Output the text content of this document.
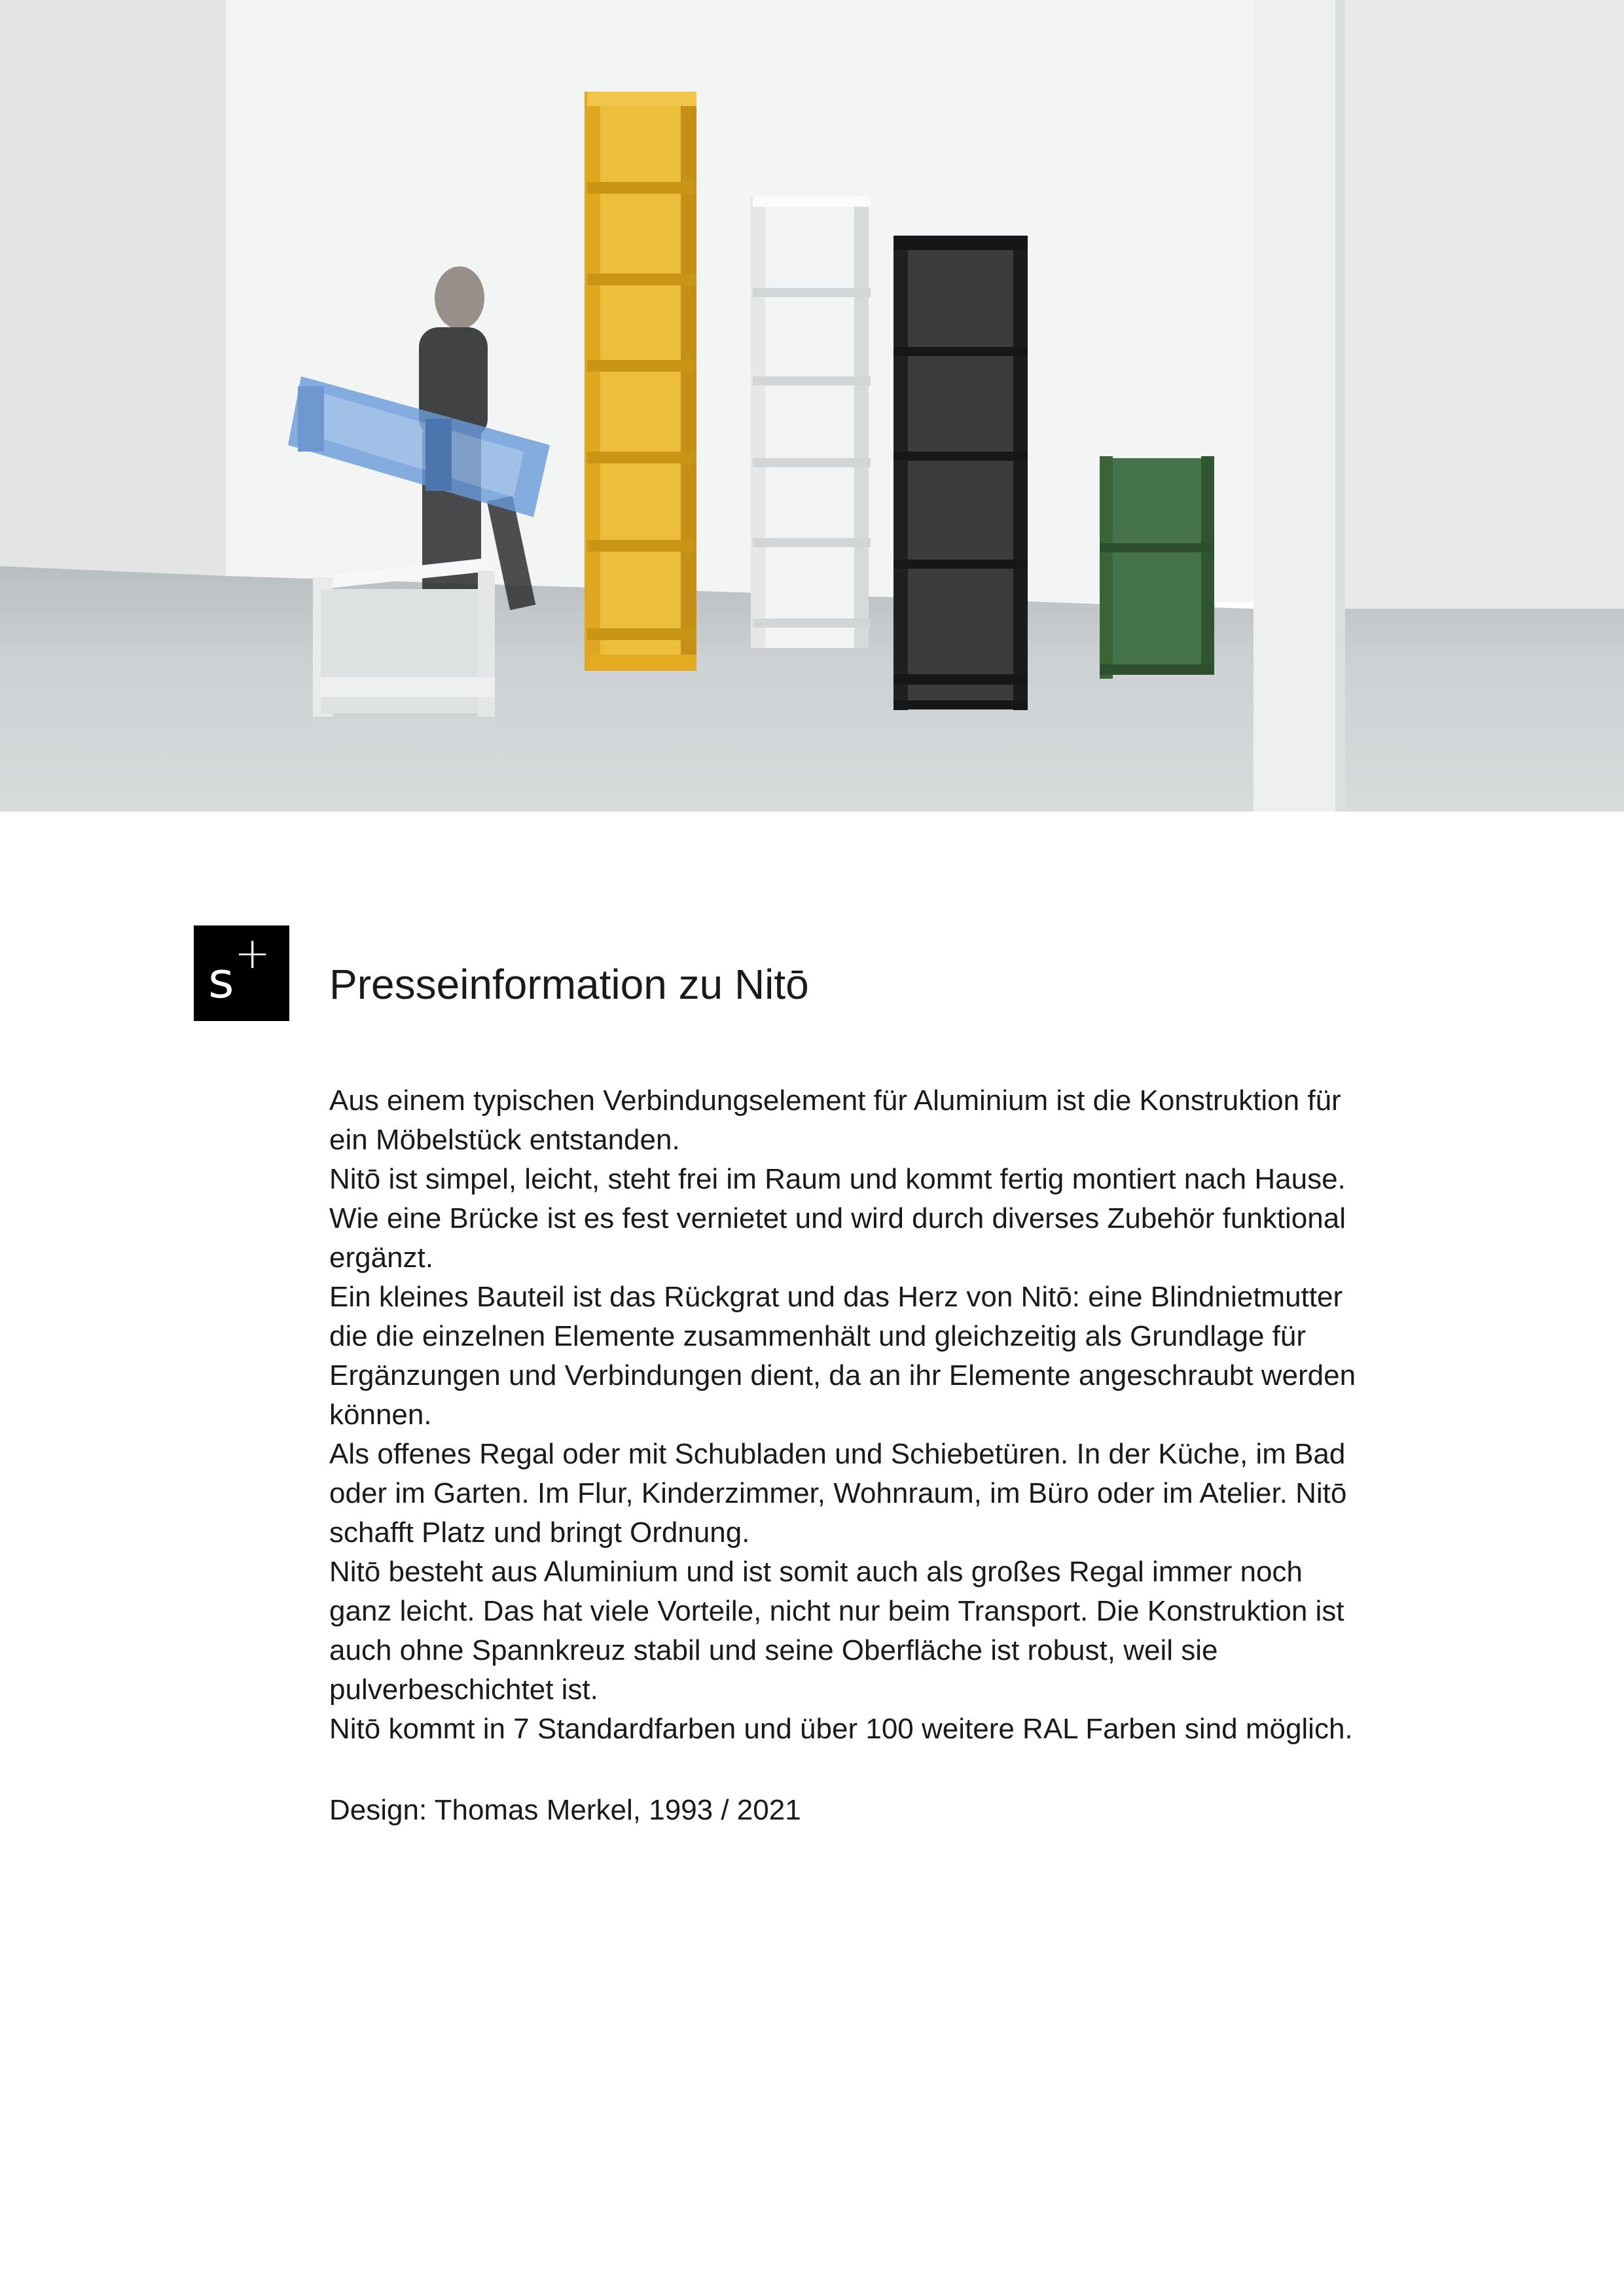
s +
Presseinformation zu Nitō
Aus einem typischen Verbindungselement für Aluminium ist die Konstruktion für
ein Möbelstück entstanden.
Nitō ist simpel, leicht, steht frei im Raum und kommt fertig montiert nach Hause.
Wie eine Brücke ist es fest vernietet und wird durch diverses Zubehör funktional
ergänzt.
Ein kleines Bauteil ist das Rückgrat und das Herz von Nitō: eine Blindnietmutter
die die einzelnen Elemente zusammenhält und gleichzeitig als Grundlage für
Ergänzungen und Verbindungen dient, da an ihr Elemente angeschraubt werden
können.
Als offenes Regal oder mit Schubladen und Schiebetüren. In der Küche, im Bad
oder im Garten. Im Flur, Kinderzimmer, Wohnraum, im Büro oder im Atelier. Nitō
schafft Platz und bringt Ordnung.
Nitō besteht aus Aluminium und ist somit auch als großes Regal immer noch
ganz leicht. Das hat viele Vorteile, nicht nur beim Transport. Die Konstruktion ist
auch ohne Spannkreuz stabil und seine Oberfläche ist robust, weil sie
pulverbeschichtet ist.
Nitō kommt in 7 Standardfarben und über 100 weitere RAL Farben sind möglich.
Design: Thomas Merkel, 1993 / 2021
